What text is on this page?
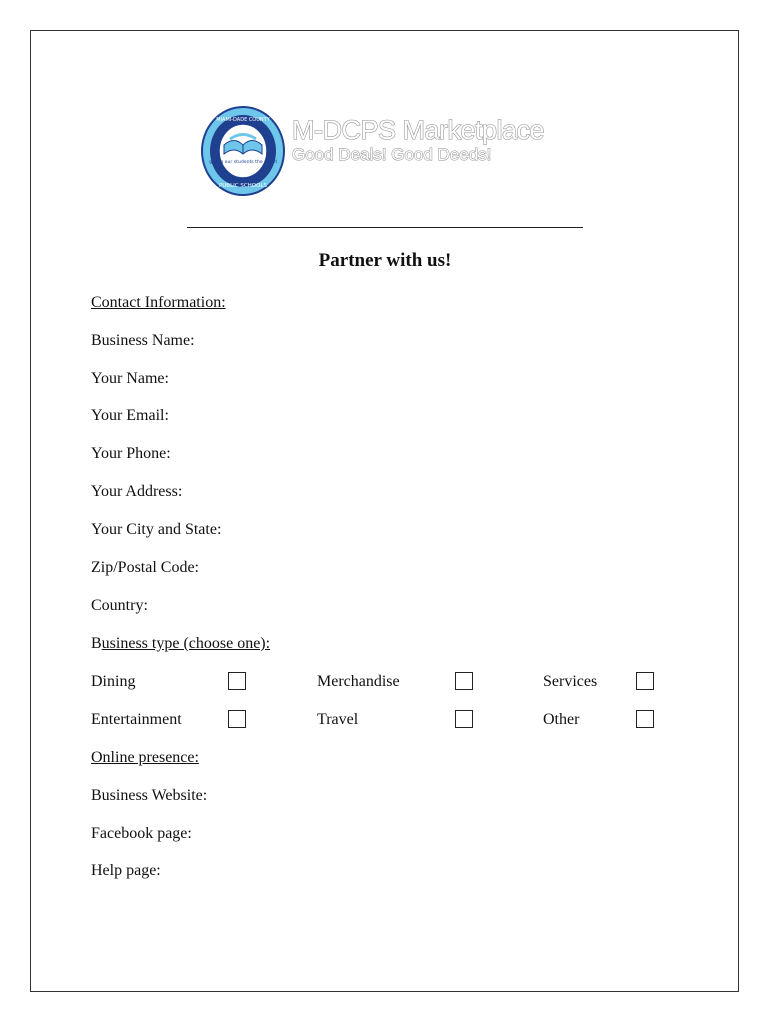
giving our students the world
MIAMI-DADE COUNTY
PUBLIC SCHOOLS
M-DCPS Marketplace
Good Deals! Good Deeds!
Partner with us!
Contact Information:
Business Name:
Your Name:
Your Email:
Your Phone:
Your Address:
Your City and State:
Zip/Postal Code:
Country:
Business type (choose one):
Dining	Merchandise	Services
Entertainment	Travel	Other
Online presence:
Business Website:
Facebook page:
Help page:
